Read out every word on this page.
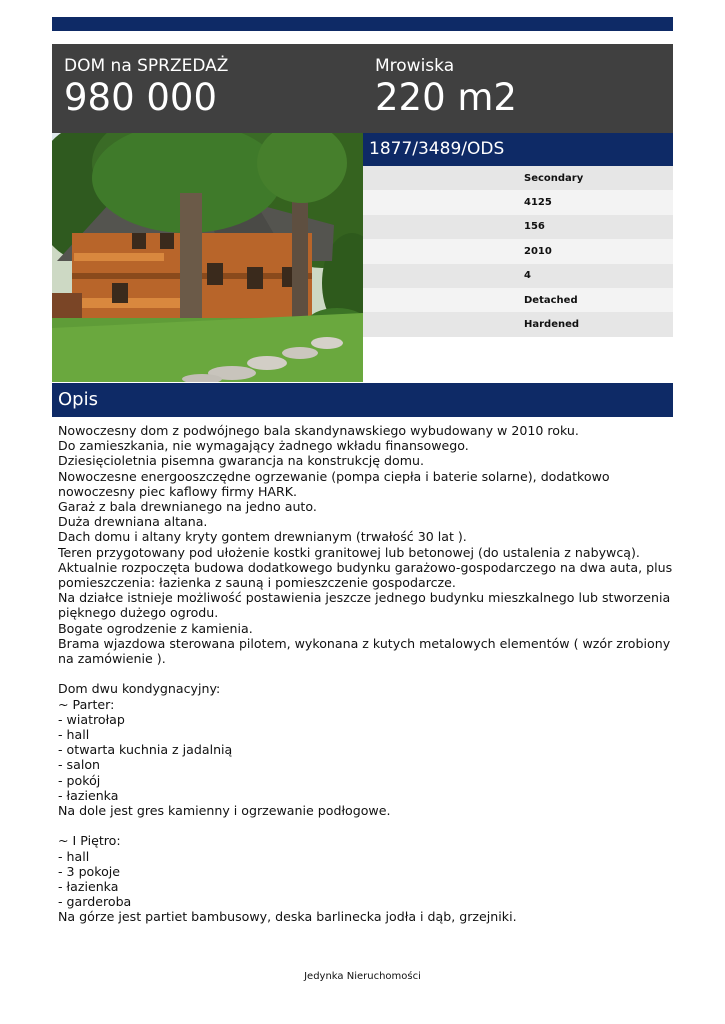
DOM na SPRZEDAŻ
980 000
Mrowiska
220 m2
1877/3489/ODS
Secondary
4125
156
2010
4
Detached
Hardened
Opis
Nowoczesny dom z podwójnego bala skandynawskiego wybudowany w 2010 roku.
Do zamieszkania, nie wymagający żadnego wkładu finansowego.
Dziesięcioletnia pisemna gwarancja na konstrukcję domu.
Nowoczesne energooszczędne ogrzewanie (pompa ciepła i baterie solarne), dodatkowo
nowoczesny piec kaflowy firmy HARK.
Garaż z bala drewnianego na jedno auto.
Duża drewniana altana.
Dach domu i altany kryty gontem drewnianym (trwałość 30 lat ).
Teren przygotowany pod ułożenie kostki granitowej lub betonowej (do ustalenia z nabywcą).
Aktualnie rozpoczęta budowa dodatkowego budynku garażowo-gospodarczego na dwa auta, plus
pomieszczenia: łazienka z sauną i pomieszczenie gospodarcze.
Na działce istnieje możliwość postawienia jeszcze jednego budynku mieszkalnego lub stworzenia
pięknego dużego ogrodu.
Bogate ogrodzenie z kamienia.
Brama wjazdowa sterowana pilotem, wykonana z kutych metalowych elementów ( wzór zrobiony
na zamówienie ).
Dom dwu kondygnacyjny:
~ Parter:
- wiatrołap
- hall
- otwarta kuchnia z jadalnią
- salon
- pokój
- łazienka
Na dole jest gres kamienny i ogrzewanie podłogowe.
~ I Piętro:
- hall
- 3 pokoje
- łazienka
- garderoba
Na górze jest partiet bambusowy, deska barlinecka jodła i dąb, grzejniki.
Jedynka Nieruchomości
